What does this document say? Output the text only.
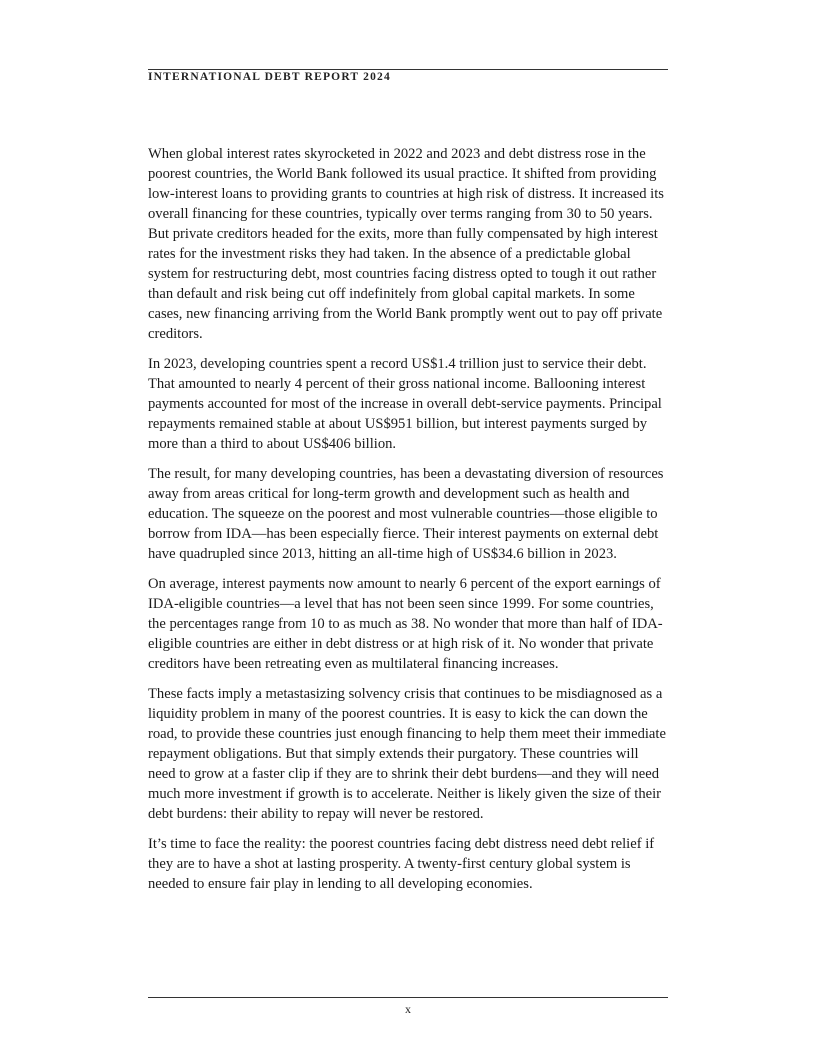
INTERNATIONAL DEBT REPORT 2024

When global interest rates skyrocketed in 2022 and 2023 and debt distress rose in the poorest countries, the World Bank followed its usual practice. It shifted from providing low-interest loans to providing grants to countries at high risk of distress. It increased its overall financing for these countries, typically over terms ranging from 30 to 50 years. But private creditors headed for the exits, more than fully compensated by high interest rates for the investment risks they had taken. In the absence of a predictable global system for restructuring debt, most countries facing distress opted to tough it out rather than default and risk being cut off indefinitely from global capital markets. In some cases, new financing arriving from the World Bank promptly went out to pay off private creditors.

In 2023, developing countries spent a record US$1.4 trillion just to service their debt. That amounted to nearly 4 percent of their gross national income. Ballooning interest payments accounted for most of the increase in overall debt-service payments. Principal repayments remained stable at about US$951 billion, but interest payments surged by more than a third to about US$406 billion.

The result, for many developing countries, has been a devastating diversion of resources away from areas critical for long-term growth and development such as health and education. The squeeze on the poorest and most vulnerable countries—those eligible to borrow from IDA—has been especially fierce. Their interest payments on external debt have quadrupled since 2013, hitting an all-time high of US$34.6 billion in 2023.

On average, interest payments now amount to nearly 6 percent of the export earnings of IDA-eligible countries—a level that has not been seen since 1999. For some countries, the percentages range from 10 to as much as 38. No wonder that more than half of IDA-eligible countries are either in debt distress or at high risk of it. No wonder that private creditors have been retreating even as multilateral financing increases.

These facts imply a metastasizing solvency crisis that continues to be misdiagnosed as a liquidity problem in many of the poorest countries. It is easy to kick the can down the road, to provide these countries just enough financing to help them meet their immediate repayment obligations. But that simply extends their purgatory. These countries will need to grow at a faster clip if they are to shrink their debt burdens—and they will need much more investment if growth is to accelerate. Neither is likely given the size of their debt burdens: their ability to repay will never be restored.

It’s time to face the reality: the poorest countries facing debt distress need debt relief if they are to have a shot at lasting prosperity. A twenty-first century global system is needed to ensure fair play in lending to all developing economies.

x
